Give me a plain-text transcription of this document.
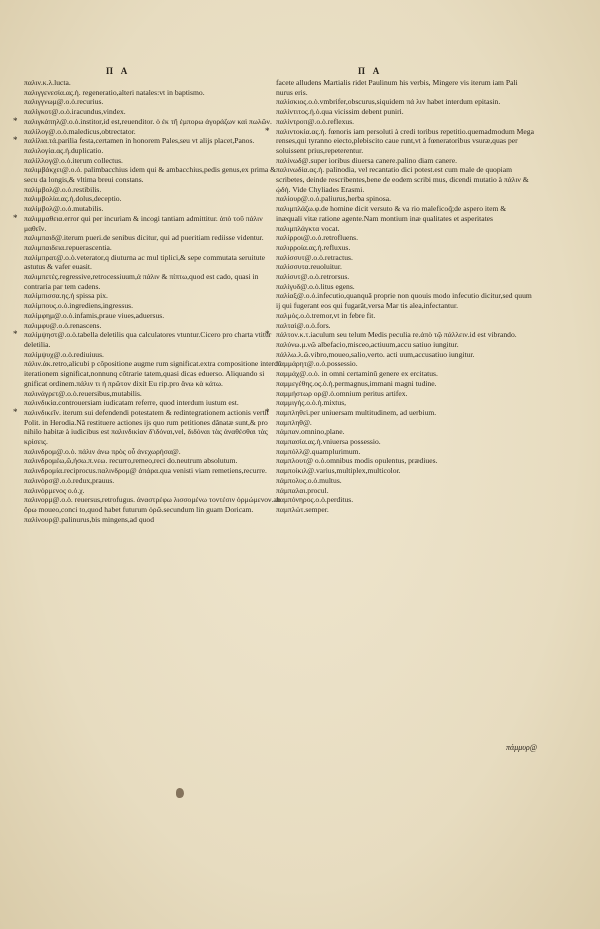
Π Α	Π Α

παλιν.κ.λ.lucta.

παλιγγενεσία.ας.ἡ. regeneratio,alteri natales:vt in baptismo.

παλιγγνωμ@.ο.ὁ.recurius.

παλίγκοτ@.ο.ὁ.iracundus,vindex.

* παλιγκάπηλ@.ο.ὁ.institor,id est,reuenditor. ὁ ἐκ τῆ ἐμπορω ἀγοράζων καὶ πωλῶν.

παλίλογ@.ο.ὁ.maledicus,obtrectator.

* παλίλια.τά.parilia festa,certamen in honorem Pales,seu vt alijs placet,Panos.

παλιλογία.ας.ἡ.duplicatio.

παλίλλογ@.ο.ὁ.iterum collectus.

παλιμβάκχει@.ο.ὁ. palimbacchius idem qui & ambacchius,pedis genus,ex prima & secu da longis,& vltima breui constans.

παλίμβολ@.ο.ὁ.restibilis.

παλιμβολία.ας.ἡ.dolus,deceptio.

παλίμβολ@.ο.ὁ.mutabilis.

* παλιμμαθεια.error qui per incuriam & incogi tantiam admittitur. ἀπὸ τοῦ πάλιν μαθεῖν.

παλιμπαιδ@.iterum pueri.de senibus dicitur, qui ad pueritiam rediisse videntur.

παλιμπαιδεια.repuerascentia.

παλίμπρατ@.ο.ὁ.veterator,q diuturna ac mul tiplici,& sepe commutata seruitute astutus & vafer euasit.

παλιμπετὲς.regressive,retrocessiuum,ἀ πάλιν & πίπτω,quod est cado, quasi in contraria par tem cadens.

παλίμπισσα.ης.ἡ spissa pix.

παλίμπους.ο.ὁ.ingrediens,ingressus.

παλίμφημ@.ο.ὁ.infamis,praue viues,aduersus.

παλιμφυ@.ο.ὁ.renascens.

* παλίμψηστ@.ο.ὁ.tabella deletilis qua calculatores vtuntur.Cicero pro charta vtitur deletilia.

παλίμψυχ@.ο.ὁ.rediuiuus.

πάλιν.ἀκ.retro,alicubi p cõpositione augme rum significat.extra compositione interdũ iterationem significat,nonnunq cõtrarie tatem,quasi dicas eduerso. Aliquando si gnificat ordinem.πάλιν τι ἠ πρῶτον dixit Eu rip.pro ἄνω κὰ κάτω.

παλινάγρετ@.ο.ὁ.reuersibus,mutabilis.

παλινδικία.controuersiam iudicatam referre, quod interdum iustum est.

* παλινδικεῖν. iterum sui defendendi potestatem & redintegrationem actionis vertit Polit. in Herodia.Nã restituere actiones ijs quo rum petitiones dãnatæ sunt,& pro nihilo habitæ à iudicibus est παλινδικίαν δ'ιδόναι,vel, διδόναι τὰς ἀναθέσθαι τὰς κρίσεις.

παλινδρομ@.ο.ὁ. πάλιν ἀνω πρὸς οὗ ἀνεχωρήσα@.

παλινδρομέω,ῶ,ήσω.π.νεω. recurro,remeo,reci do.neutrum absolutum.

παλινδρομία.reciprocus.παλινδρομ@ ἀπάρα.qua venisti viam remetiens,recurre.

παλινόρσ@.ο.ὁ.redux,prauus.

παλινόρμενος ο.ὁ.χ.

παλινορμ@.ο.ὁ. reuersus,retrofugus. ἀναστρέφω λισσομένω τοντέσιν ὀρμώμενον.ab ὄρω moueo,conci to,quod habet futurum ὀρῶ.secundum lin guam Doricam.

παλίνουρ@.palinurus,bis mingens,ad quod

facete alludens Martialis ridet Paulinum his verbis, Mingere vis iterum iam Pali nurus eris.

παλίσκιος.ο.ὁ.vmbrifer,obscurus,siquidem πά λιν habet interdum epitasin.

παλίντιτος.ή.ὁ.qua vicissim debent puniri.

παλίντροπ@.ο.ὁ.reflexus.

* παλιντοκία.ας.ἡ. fœnoris iam persoluti à credi toribus repetitio.quemadmodum Mega renses,qui tyranno eiecto,plebiscito caue runt,vt à fœneratoribus vsuræ,quas per soluissent prius,repeterentur.

παλίνωδ@.super ioribus diuersa canere.palino diam canere.

παλινωδία.ας.ἡ. palinodia, vel recantatio dici potest.est cum male de quopiam scribetes, deinde rescribentes,bene de eodem scribi mus, dicendi mutatio à πάλιν & ᾠδὴ. Vide Chyliades Erasmi.

παλίουρ@.ο.ὁ.paliurus,herba spinosa.

παλιμπλάζω.φ.de homine dicit versuto & va rio maleficoq̃;de aspero item & inæquali vitæ ratione agente.Nam montium inæ qualitates et asperitates παλιμπλάγκτα vocat.

παλίρροι@.ο.ὁ.retrofluens.

παλιρροία.ας.ἡ.refluxus.

παλίσσυτ@.ο.ὁ.retractus.

παλίσσυτα.reuoluitur.

παλίσυτ@.ο.ὁ.retrorsus.

παλίγυδ@.ο.ὁ.litus egens.

παλίαξ@.ο.ὁ.infecutio,quanquã proprie non quouis modo infecutio dicitur,sed quum ij qui fugerant eos qui fugarãt,versa Mar tis alea,infectantur.

παλμὸς.ο.ὁ.tremor,vt in febre fit.

παλταὶ@.ο.ὁ.fors.

* πάλτον.κ.τ.iaculum seu telum Medis peculia re.ἀπὸ τῷ πάλλειν.id est vibrando.

παλύνω.μ.νῶ albefacio,misceo,actiuum,accu satiuo iungitur.

πάλλω.λ.ῶ.vibro,moueo,salio,verto. acti uum,accusatiuo iungitur.

παμμάρητ@.ο.ὁ.possessio.

παμμάχ@.ο.ὁ. in omni certaminũ genere ex ercitatus.

παμμεγέθης.ος.ὁ.ἡ.permagnus,immani magni tudine.

παμμήστωρ ορ@.ὁ.omnium peritus artifex.

παμμιγής.ο.ὁ.ἡ.mixtus,

* παμπληθεὶ.per uniuersam multitudinem, ad uerbium.

παμπληθ@.

πάμπαν.omnino,plane.

παμπασία.ας.ἡ.vniuersa possessio.

παμπόλλ@.quamplurimum.

παμπλουτ@ ο.ὁ.omnibus modis opulentus, prædiues.

παμποίκιλ@.varius,multiplex,multicolor.

πάμπολυς.ο.ὁ.multus.

πάμπαλαι.procul.

παμπόνηρος.ο.ὁ.perditus.

παμπλώτ.semper.

πάμμυρ@
